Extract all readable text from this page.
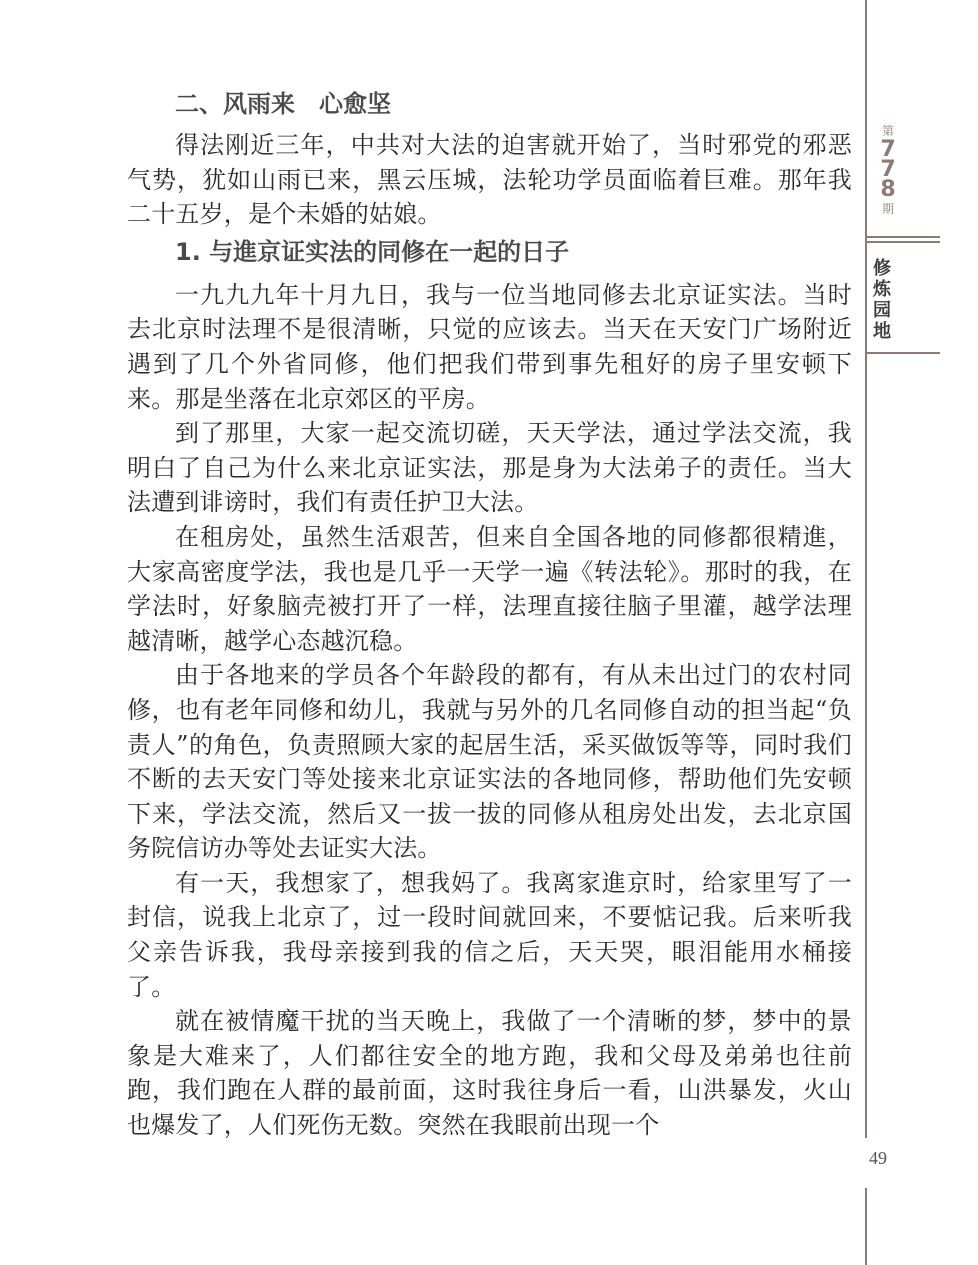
第
7
7
8
期
修炼园地
二、风雨来　心愈坚

得法刚近三年，中共对大法的迫害就开始了，当时邪党的邪恶气势，犹如山雨已来，黑云压城，法轮功学员面临着巨难。那年我二十五岁，是个未婚的姑娘。

1. 与進京证实法的同修在一起的日子

一九九九年十月九日，我与一位当地同修去北京证实法。当时去北京时法理不是很清晰，只觉的应该去。当天在天安门广场附近遇到了几个外省同修，他们把我们带到事先租好的房子里安顿下来。那是坐落在北京郊区的平房。

到了那里，大家一起交流切磋，天天学法，通过学法交流，我明白了自己为什么来北京证实法，那是身为大法弟子的责任。当大法遭到诽谤时，我们有责任护卫大法。

在租房处，虽然生活艰苦，但来自全国各地的同修都很精進，大家高密度学法，我也是几乎一天学一遍《转法轮》。那时的我，在学法时，好象脑壳被打开了一样，法理直接往脑子里灌，越学法理越清晰，越学心态越沉稳。

由于各地来的学员各个年龄段的都有，有从未出过门的农村同修，也有老年同修和幼儿，我就与另外的几名同修自动的担当起“负责人”的角色，负责照顾大家的起居生活，采买做饭等等，同时我们不断的去天安门等处接来北京证实法的各地同修，帮助他们先安顿下来，学法交流，然后又一拔一拔的同修从租房处出发，去北京国务院信访办等处去证实大法。

有一天，我想家了，想我妈了。我离家進京时，给家里写了一封信，说我上北京了，过一段时间就回来，不要惦记我。后来听我父亲告诉我，我母亲接到我的信之后，天天哭，眼泪能用水桶接了。

就在被情魔干扰的当天晚上，我做了一个清晰的梦，梦中的景象是大难来了，人们都往安全的地方跑，我和父母及弟弟也往前跑，我们跑在人群的最前面，这时我往身后一看，山洪暴发，火山也爆发了，人们死伤无数。突然在我眼前出现一个

49
